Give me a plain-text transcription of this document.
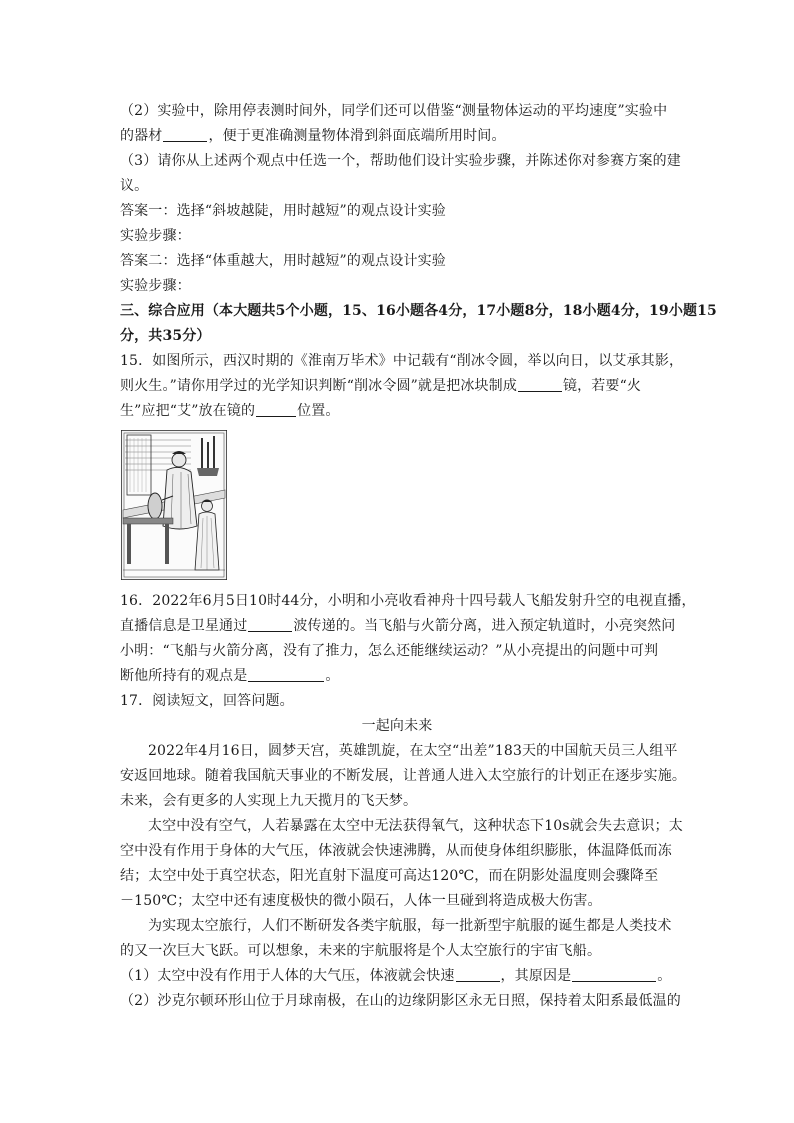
（2）实验中，除用停表测时间外，同学们还可以借鉴“测量物体运动的平均速度”实验中
的器材	，便于更准确测量物体滑到斜面底端所用时间。
（3）请你从上述两个观点中任选一个，帮助他们设计实验步骤，并陈述你对参赛方案的建
议。
答案一：选择“斜坡越陡，用时越短”的观点设计实验
实验步骤：
答案二：选择“体重越大，用时越短”的观点设计实验
实验步骤：
三、综合应用（本大题共5个小题，15、16小题各4分，17小题8分，18小题4分，19小题15
分，共35分）
15．如图所示，西汉时期的《淮南万毕术》中记载有“削冰令圆，举以向日，以艾承其影，
则火生。”请你用学过的光学知识判断“削冰令圆”就是把冰块制成	镜，若要“火
生”应把“艾”放在镜的	位置。
16．2022年6月5日10时44分，小明和小亮收看神舟十四号载人飞船发射升空的电视直播，
直播信息是卫星通过	波传递的。当飞船与火箭分离，进入预定轨道时，小亮突然问
小明：“飞船与火箭分离，没有了推力，怎么还能继续运动？”从小亮提出的问题中可判
断他所持有的观点是	。
17．阅读短文，回答问题。
一起向未来
2022年4月16日，圆梦天宫，英雄凯旋，在太空“出差”183天的中国航天员三人组平
安返回地球。随着我国航天事业的不断发展，让普通人进入太空旅行的计划正在逐步实施。
未来，会有更多的人实现上九天揽月的飞天梦。
太空中没有空气，人若暴露在太空中无法获得氧气，这种状态下10s就会失去意识；太
空中没有作用于身体的大气压，体液就会快速沸腾，从而使身体组织膨胀，体温降低而冻
结；太空中处于真空状态，阳光直射下温度可高达120℃，而在阴影处温度则会骤降至
－150℃；太空中还有速度极快的微小陨石，人体一旦碰到将造成极大伤害。
为实现太空旅行，人们不断研发各类宇航服，每一批新型宇航服的诞生都是人类技术
的又一次巨大飞跃。可以想象，未来的宇航服将是个人太空旅行的宇宙飞船。
（1）太空中没有作用于人体的大气压，体液就会快速	，其原因是	。
（2）沙克尔顿环形山位于月球南极，在山的边缘阴影区永无日照，保持着太阳系最低温的
